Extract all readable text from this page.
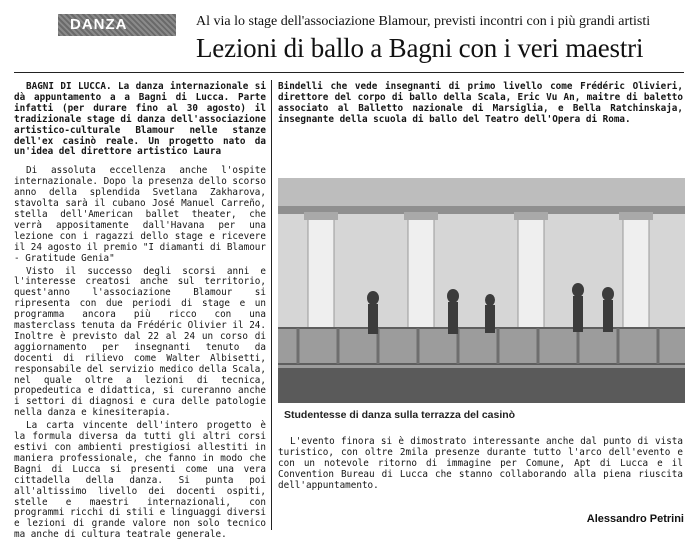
DANZA	Al via lo stage dell'associazione Blamour, previsti incontri con i più grandi artisti
Lezioni di ballo a Bagni con i veri maestri

BAGNI DI LUCCA. La danza internazionale si dà appuntamento a a Bagni di Lucca. Parte infatti (per durare fino al 30 agosto) il tradizionale stage di danza dell'associazione artistico-culturale Blamour nelle stanze dell'ex casinò reale. Un progetto nato da un'idea del direttore artistico Laura

Di assoluta eccellenza anche l'ospite internazionale. Dopo la presenza dello scorso anno della splendida Svetlana Zakharova, stavolta sarà il cubano José Manuel Carreño, stella dell'American ballet theater, che verrà appositamente dall'Havana per una lezione con i ragazzi dello stage e ricevere il 24 agosto il premio "I diamanti di Blamour - Gratitude Genia"

Visto il successo degli scorsi anni e l'interesse creatosi anche sul territorio, quest'anno l'associazione Blamour si ripresenta con due periodi di stage e un programma ancora più ricco con una masterclass tenuta da Frédéric Olivier il 24. Inoltre è previsto dal 22 al 24 un corso di aggiornamento per insegnanti tenuto da docenti di rilievo come Walter Albisetti, responsabile del servizio medico della Scala, nel quale oltre a lezioni di tecnica, propedeutica e didattica, si cureranno anche i settori di diagnosi e cura delle patologie nella danza e kinesiterapia.

La carta vincente dell'intero progetto è la formula diversa da tutti gli altri corsi estivi con ambienti prestigiosi allestiti in maniera professionale, che fanno in modo che Bagni di Lucca si presenti come una vera cittadella della danza. Si punta poi all'altissimo livello dei docenti ospiti, stelle e maestri internazionali, con programmi ricchi di stili e linguaggi diversi e lezioni di grande valore non solo tecnico ma anche di cultura teatrale generale.

Bindelli che vede insegnanti di primo livello come Frédéric Olivieri, direttore del corpo di ballo della Scala, Eric Vu An, maitre di baletto associato al Balletto nazionale di Marsiglia, e Bella Ratchinskaja, insegnante della scuola di ballo del Teatro dell'Opera di Roma.

Studentesse di danza sulla terrazza del casinò

L'evento finora si è dimostrato interessante anche dal punto di vista turistico, con oltre 2mila presenze durante tutto l'arco dell'evento e con un notevole ritorno di immagine per Comune, Apt di Lucca e il Convention Bureau di Lucca che stanno collaborando alla piena riuscita dell'appuntamento.

Alessandro Petrini
